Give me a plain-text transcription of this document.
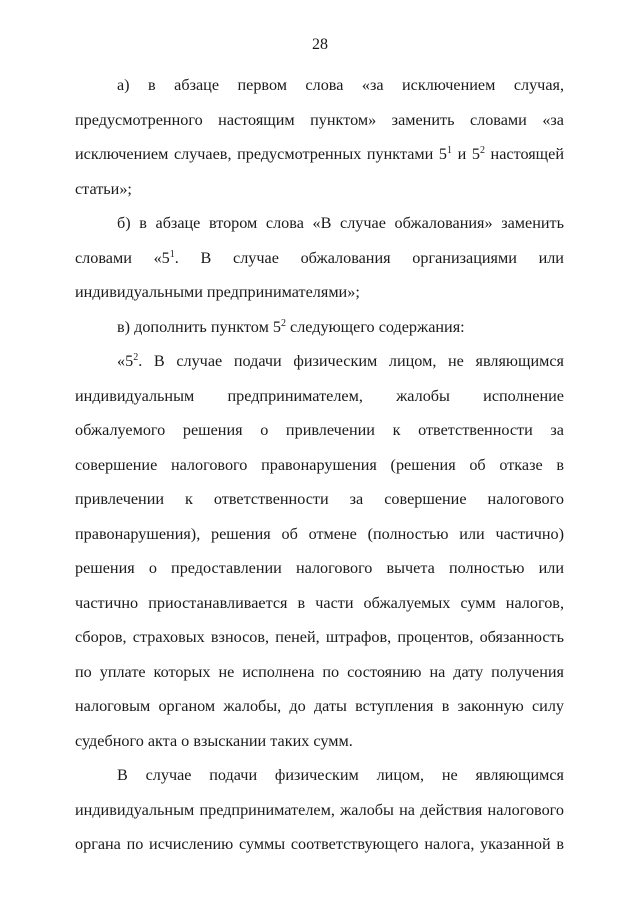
28

а) в абзаце первом слова «за исключением случая, предусмотренного настоящим пунктом» заменить словами «за исключением случаев, предусмотренных пунктами $5^1$ и $5^2$ настоящей статьи»;

б) в абзаце втором слова «В случае обжалования» заменить словами «$5^1$. В случае обжалования организациями или индивидуальными предпринимателями»;

в) дополнить пунктом $5^2$ следующего содержания:

«$5^2$. В случае подачи физическим лицом, не являющимся индивидуальным предпринимателем, жалобы исполнение обжалуемого решения о привлечении к ответственности за совершение налогового правонарушения (решения об отказе в привлечении к ответственности за совершение налогового правонарушения), решения об отмене (полностью или частично) решения о предоставлении налогового вычета полностью или частично приостанавливается в части обжалуемых сумм налогов, сборов, страховых взносов, пеней, штрафов, процентов, обязанность по уплате которых не исполнена по состоянию на дату получения налоговым органом жалобы, до даты вступления в законную силу судебного акта о взыскании таких сумм.

В случае подачи физическим лицом, не являющимся индивидуальным предпринимателем, жалобы на действия налогового органа по исчислению суммы соответствующего налога, указанной в
